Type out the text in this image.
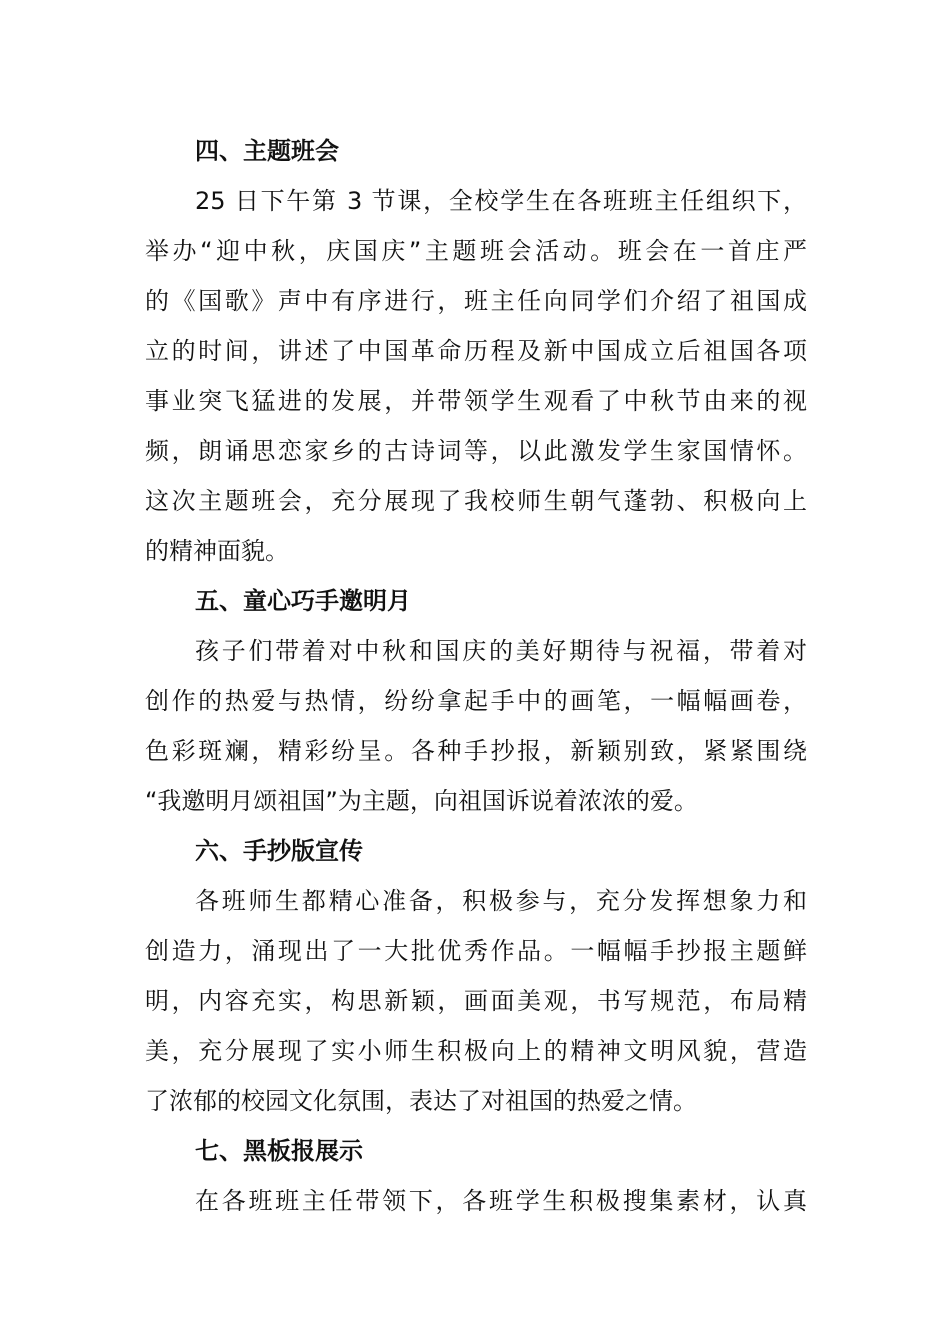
四、主题班会
25 日下午第 3 节课，全校学生在各班班主任组织下，
举办“迎中秋，庆国庆”主题班会活动。班会在一首庄严
的《国歌》声中有序进行，班主任向同学们介绍了祖国成
立的时间，讲述了中国革命历程及新中国成立后祖国各项
事业突飞猛进的发展，并带领学生观看了中秋节由来的视
频，朗诵思恋家乡的古诗词等，以此激发学生家国情怀。
这次主题班会，充分展现了我校师生朝气蓬勃、积极向上
的精神面貌。
五、童心巧手邀明月
孩子们带着对中秋和国庆的美好期待与祝福，带着对
创作的热爱与热情，纷纷拿起手中的画笔，一幅幅画卷，
色彩斑斓，精彩纷呈。各种手抄报，新颖别致，紧紧围绕
“我邀明月颂祖国”为主题，向祖国诉说着浓浓的爱。
六、手抄版宣传
各班师生都精心准备，积极参与，充分发挥想象力和
创造力，涌现出了一大批优秀作品。一幅幅手抄报主题鲜
明，内容充实，构思新颖，画面美观，书写规范，布局精
美，充分展现了实小师生积极向上的精神文明风貌，营造
了浓郁的校园文化氛围，表达了对祖国的热爱之情。
七、黑板报展示
在各班班主任带领下，各班学生积极搜集素材，认真
